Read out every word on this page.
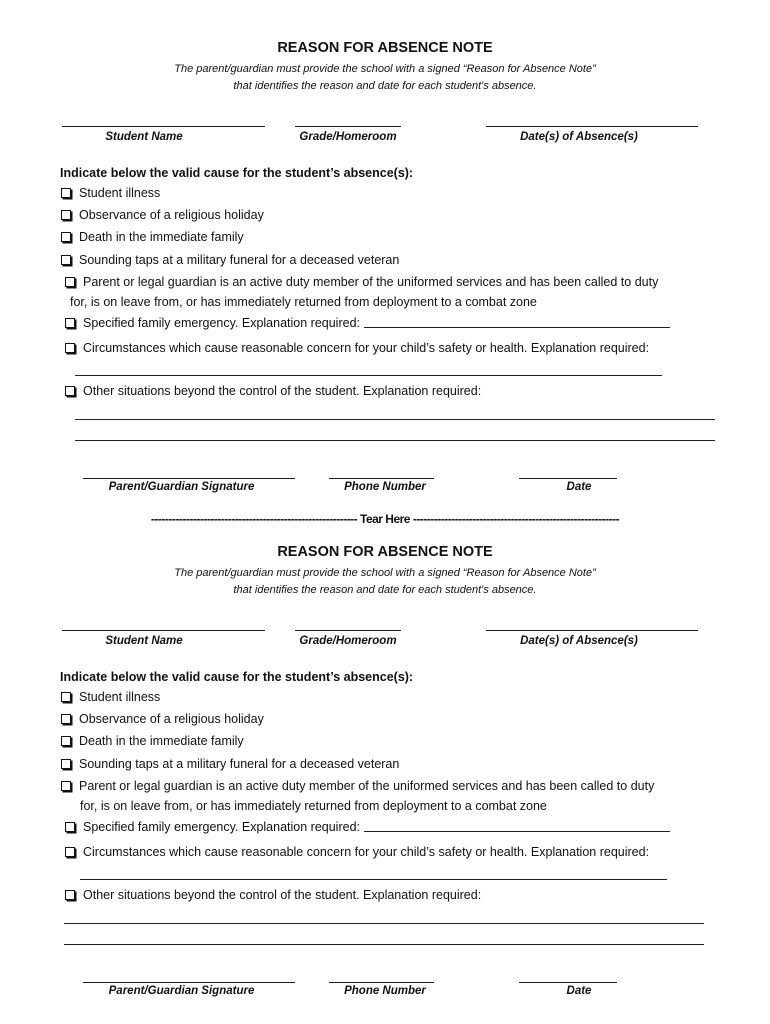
REASON FOR ABSENCE NOTE
The parent/guardian must provide the school with a signed “Reason for Absence Note”
that identifies the reason and date for each student's absence.
Student Name	Grade/Homeroom	Date(s) of Absence(s)
Indicate below the valid cause for the student’s absence(s):
Student illness
Observance of a religious holiday
Death in the immediate family
Sounding taps at a military funeral for a deceased veteran
Parent or legal guardian is an active duty member of the uniformed services and has been called to duty
for, is on leave from, or has immediately returned from deployment to a combat zone
Specified family emergency. Explanation required:
Circumstances which cause reasonable concern for your child’s safety or health. Explanation required:
Other situations beyond the control of the student. Explanation required:
Parent/Guardian Signature	Phone Number	Date
----------------------------------------------------------- Tear Here -----------------------------------------------------------
REASON FOR ABSENCE NOTE
The parent/guardian must provide the school with a signed “Reason for Absence Note”
that identifies the reason and date for each student's absence.
Student Name	Grade/Homeroom	Date(s) of Absence(s)
Indicate below the valid cause for the student’s absence(s):
Student illness
Observance of a religious holiday
Death in the immediate family
Sounding taps at a military funeral for a deceased veteran
Parent or legal guardian is an active duty member of the uniformed services and has been called to duty
for, is on leave from, or has immediately returned from deployment to a combat zone
Specified family emergency. Explanation required:
Circumstances which cause reasonable concern for your child’s safety or health. Explanation required:
Other situations beyond the control of the student. Explanation required:
Parent/Guardian Signature	Phone Number	Date
